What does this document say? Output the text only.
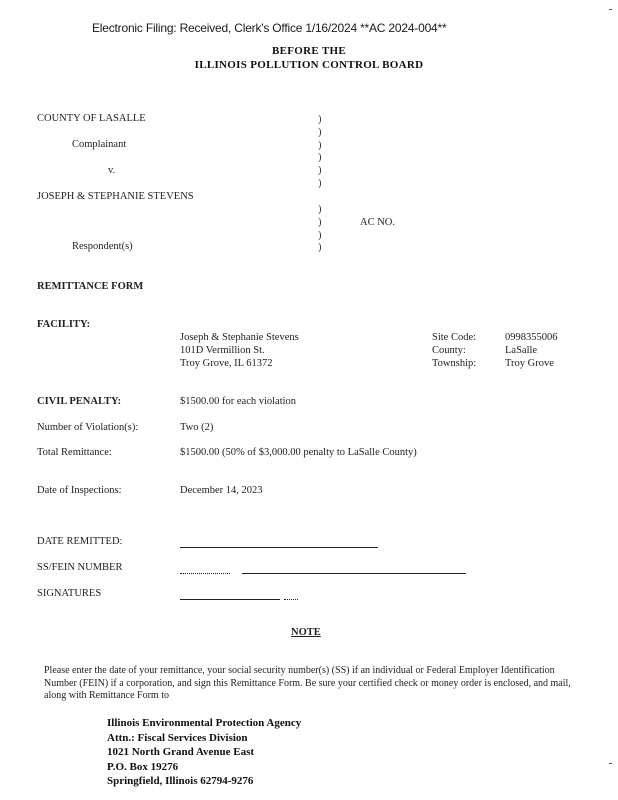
Electronic Filing: Received, Clerk's Office 1/16/2024 **AC 2024-004**
BEFORE THE
ILLINOIS POLLUTION CONTROL BOARD
COUNTY OF LASALLE
Complainant
v.
JOSEPH & STEPHANIE STEVENS
Respondent(s)
AC NO.
)
)
)
)
)
)
)
)
)
)
REMITTANCE FORM
FACILITY:
Joseph & Stephanie Stevens
101D Vermillion St.
Troy Grove, IL 61372
Site Code:	0998355006
County:	LaSalle
Township:	Troy Grove
CIVIL PENALTY:	$1500.00 for each violation
Number of Violation(s):	Two (2)
Total Remittance:	$1500.00 (50% of $3,000.00 penalty to LaSalle County)
Date of Inspections:	December 14, 2023
DATE REMITTED:
SS/FEIN NUMBER
SIGNATURES
NOTE
Please enter the date of your remittance, your social security number(s) (SS) if an individual or Federal Employer Identification Number (FEIN) if a corporation, and sign this Remittance Form. Be sure your certified check or money order is enclosed, and mail, along with Remittance Form to
Illinois Environmental Protection Agency
Attn.: Fiscal Services Division
1021 North Grand Avenue East
P.O. Box 19276
Springfield, Illinois 62794-9276
